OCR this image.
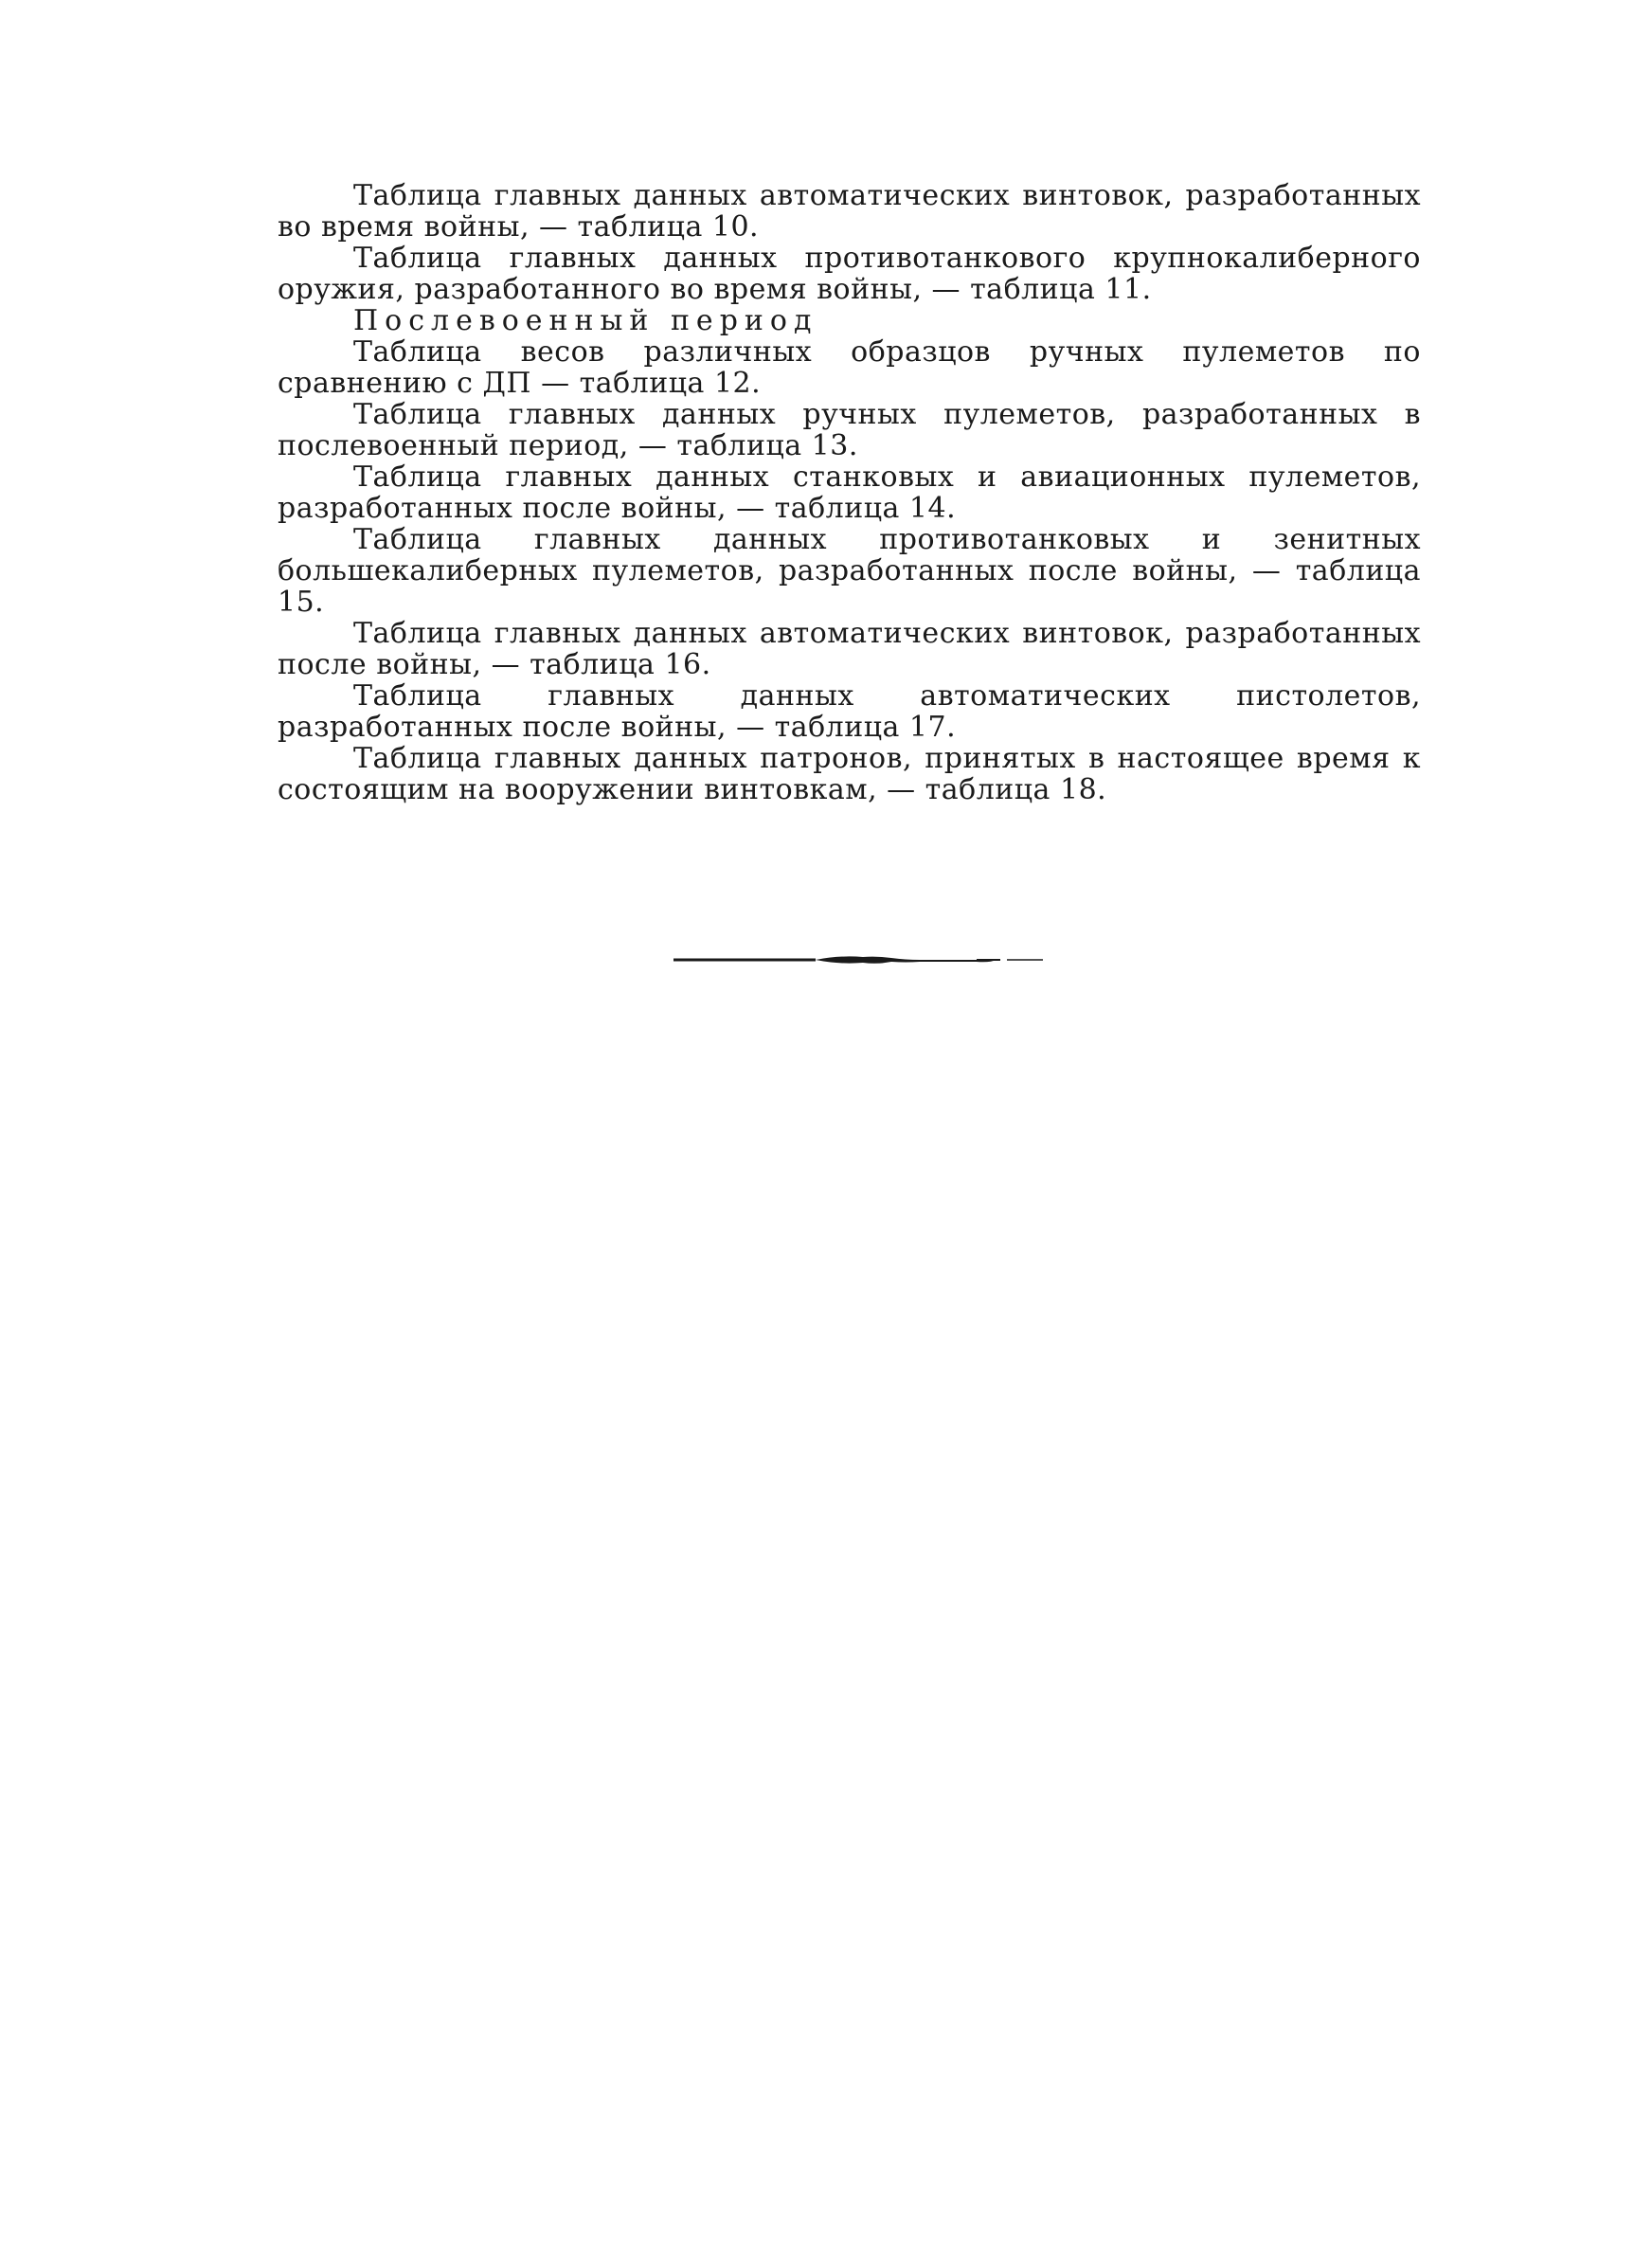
Таблица главных данных автоматических винтовок, разработанных во время войны, — таблица 10.

Таблица главных данных противотанкового крупнокалиберного оружия, разработанного во время войны, — таблица 11.

Послевоенный период

Таблица весов различных образцов ручных пулеметов по сравнению с ДП — таблица 12.

Таблица главных данных ручных пулеметов, разработанных в послевоенный период, — таблица 13.

Таблица главных данных станковых и авиационных пулеметов, разработанных после войны, — таблица 14.

Таблица главных данных противотанковых и зенитных большекалиберных пулеметов, разработанных после войны, — таблица 15.

Таблица главных данных автоматических винтовок, разработанных после войны, — таблица 16.

Таблица главных данных автоматических пистолетов, разработанных после войны, — таблица 17.

Таблица главных данных патронов, принятых в настоящее время к состоящим на вооружении винтовкам, — таблица 18.
